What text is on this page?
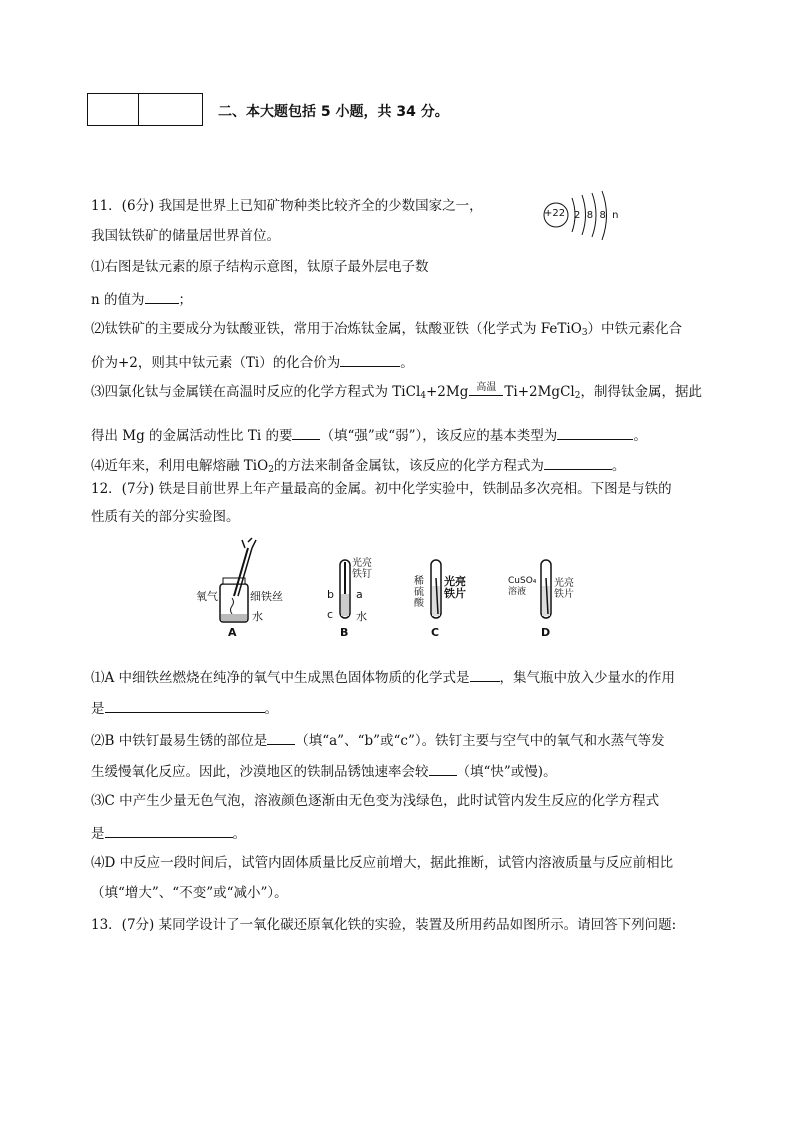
二、本大题包括 5 小题，共 34 分。
11．(6分) 我国是世界上已知矿物种类比较齐全的少数国家之一，
我国钛铁矿的储量居世界首位。
+22 2  8  8  n
⑴右图是钛元素的原子结构示意图，钛原子最外层电子数
n 的值为	；
⑵钛铁矿的主要成分为钛酸亚铁，常用于冶炼钛金属，钛酸亚铁（化学式为 FeTiO$_3$）中铁元素化合
价为+2，则其中钛元素（Ti）的化合价为	。
⑶四氯化钛与金属镁在高温时反应的化学方程式为 TiCl$_4$+2Mg 高温 Ti+2MgCl$_2$，制得钛金属，据此
得出 Mg 的金属活动性比 Ti 的要 （填“强”或“弱”），该反应的基本类型为	。
⑷近年来，利用电解熔融 TiO$_2$的方法来制备金属钛，该反应的化学方程式为	。
12．(7分) 铁是目前世界上年产量最高的金属。初中化学实验中，铁制品多次亮相。下图是与铁的
性质有关的部分实验图。
氧气	细铁丝
水
A
光亮
铁钉
b a
c 水
B
稀
硫
酸
光亮
铁片
C
CuSO₄
溶液
光亮
铁片
D
⑴A 中细铁丝燃烧在纯净的氧气中生成黑色固体物质的化学式是 ，集气瓶中放入少量水的作用
是	。
⑵B 中铁钉最易生锈的部位是 （填“a”、“b”或“c”）。铁钉主要与空气中的氧气和水蒸气等发
生缓慢氧化反应。因此，沙漠地区的铁制品锈蚀速率会较 （填“快”或慢)。
⑶C 中产生少量无色气泡，溶液颜色逐渐由无色变为浅绿色，此时试管内发生反应的化学方程式
是	。
⑷D 中反应一段时间后，试管内固体质量比反应前增大，据此推断，试管内溶液质量与反应前相比
（填“增大”、“不变”或“减小”）。
13．(7分) 某同学设计了一氧化碳还原氧化铁的实验，装置及所用药品如图所示。请回答下列问题:
